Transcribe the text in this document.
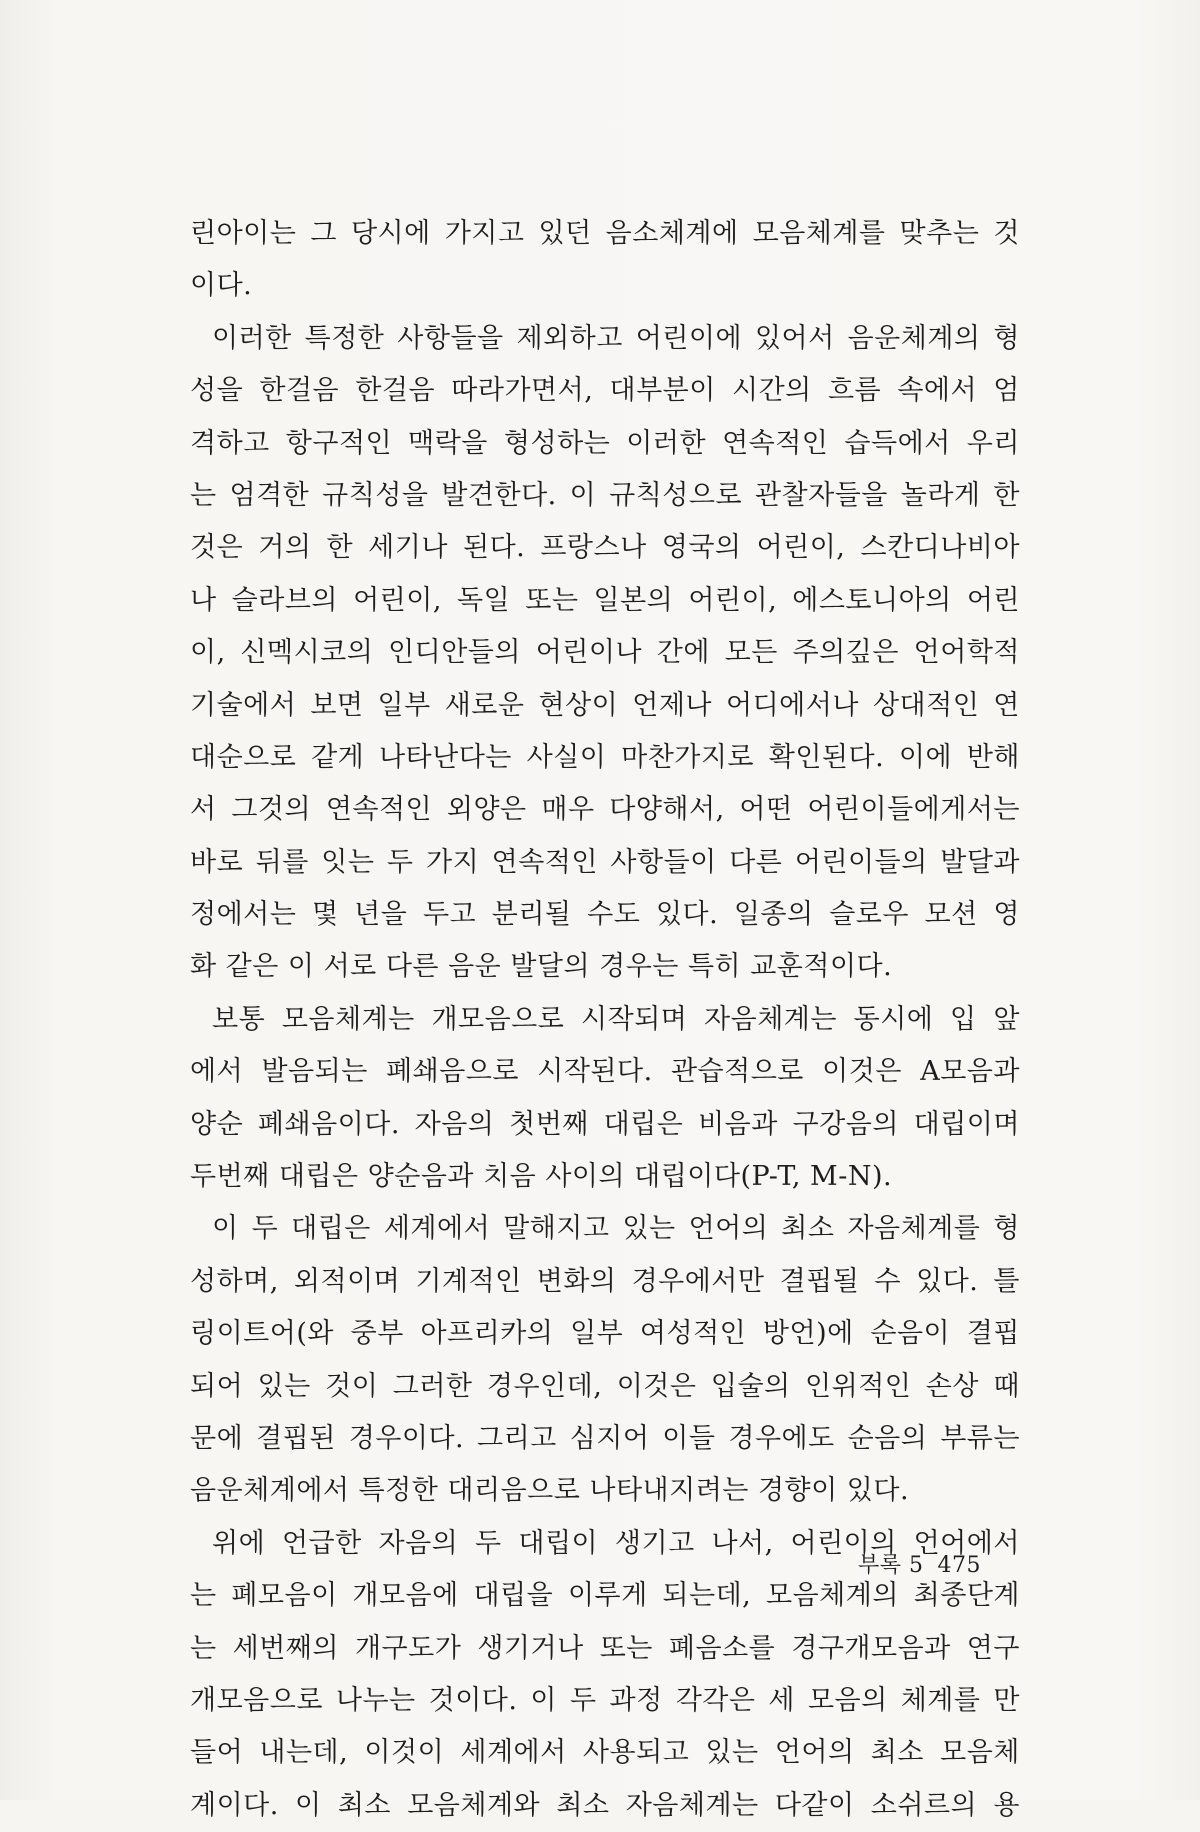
린아이는 그 당시에 가지고 있던 음소체계에 모음체계를 맞추는 것
이다.
이러한 특정한 사항들을 제외하고 어린이에 있어서 음운체계의 형
성을 한걸음 한걸음 따라가면서, 대부분이 시간의 흐름 속에서 엄
격하고 항구적인 맥락을 형성하는 이러한 연속적인 습득에서 우리
는 엄격한 규칙성을 발견한다. 이 규칙성으로 관찰자들을 놀라게 한
것은 거의 한 세기나 된다. 프랑스나 영국의 어린이, 스칸디나비아
나 슬라브의 어린이, 독일 또는 일본의 어린이, 에스토니아의 어린
이, 신멕시코의 인디안들의 어린이나 간에 모든 주의깊은 언어학적
기술에서 보면 일부 새로운 현상이 언제나 어디에서나 상대적인 연
대순으로 같게 나타난다는 사실이 마찬가지로 확인된다. 이에 반해
서 그것의 연속적인 외양은 매우 다양해서, 어떤 어린이들에게서는
바로 뒤를 잇는 두 가지 연속적인 사항들이 다른 어린이들의 발달과
정에서는 몇 년을 두고 분리될 수도 있다. 일종의 슬로우 모션 영
화 같은 이 서로 다른 음운 발달의 경우는 특히 교훈적이다.
보통 모음체계는 개모음으로 시작되며 자음체계는 동시에 입 앞
에서 발음되는 폐쇄음으로 시작된다. 관습적으로 이것은 A모음과
양순 폐쇄음이다. 자음의 첫번째 대립은 비음과 구강음의 대립이며
두번째 대립은 양순음과 치음 사이의 대립이다(P-T, M-N).
이 두 대립은 세계에서 말해지고 있는 언어의 최소 자음체계를 형
성하며, 외적이며 기계적인 변화의 경우에서만 결핍될 수 있다. 틀
링이트어(와 중부 아프리카의 일부 여성적인 방언)에 순음이 결핍
되어 있는 것이 그러한 경우인데, 이것은 입술의 인위적인 손상 때
문에 결핍된 경우이다. 그리고 심지어 이들 경우에도 순음의 부류는
음운체계에서 특정한 대리음으로 나타내지려는 경향이 있다.
위에 언급한 자음의 두 대립이 생기고 나서, 어린이의 언어에서
는 폐모음이 개모음에 대립을 이루게 되는데, 모음체계의 최종단계
는 세번째의 개구도가 생기거나 또는 폐음소를 경구개모음과 연구
개모음으로 나누는 것이다. 이 두 과정 각각은 세 모음의 체계를 만
들어 내는데, 이것이 세계에서 사용되고 있는 언어의 최소 모음체
계이다. 이 최소 모음체계와 최소 자음체계는 다같이 소쉬르의 용
부록 5 475
